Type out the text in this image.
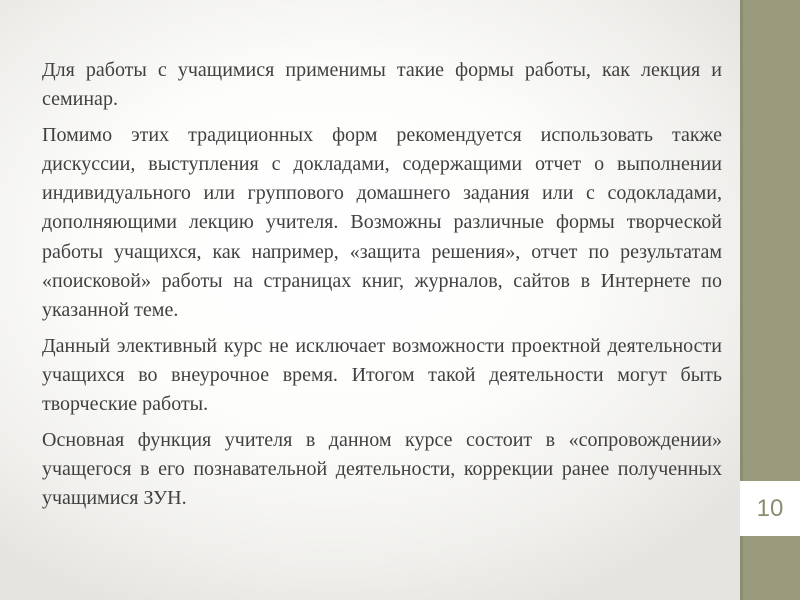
10

Для работы с учащимися применимы такие формы работы, как лекция и семинар.

Помимо этих традиционных форм рекомендуется использовать также дискуссии, выступления с докладами, содержащими отчет о выполнении индивидуального или группового домашнего задания или с содокладами, дополняющими лекцию учителя. Возможны различные формы творческой работы учащихся, как например, «защита решения», отчет по результатам «поисковой» работы на страницах книг, журналов, сайтов в Интернете по указанной теме.

Данный элективный курс не исключает возможности проектной деятельности учащихся во внеурочное время. Итогом такой деятельности могут быть творческие работы.

Основная функция учителя в данном курсе состоит в «сопровождении» учащегося в его познавательной деятельности, коррекции ранее полученных учащимися ЗУН.
